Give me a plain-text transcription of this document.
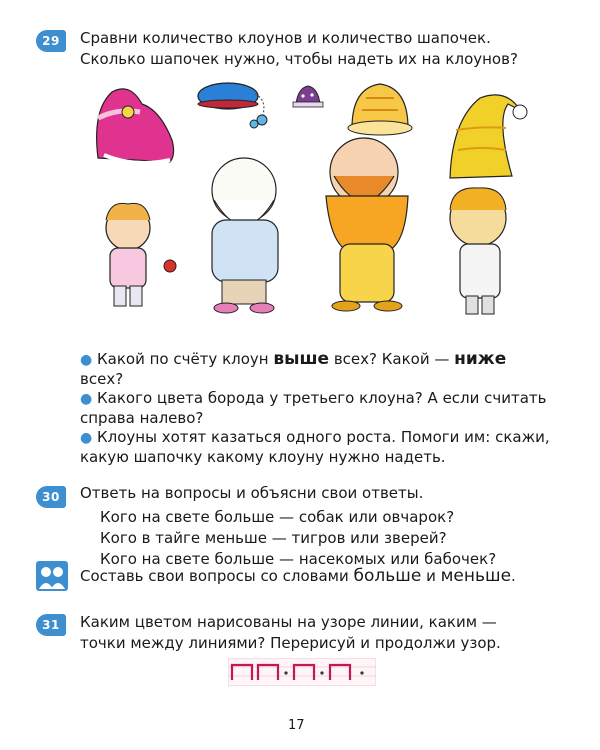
29	Сравни количество клоунов и количество шапочек.
Сколько шапочек нужно, чтобы надеть их на клоунов?

● Какой по счёту клоун выше всех? Какой — ниже

всех?

● Какого цвета борода у третьего клоуна? А если считать

справа налево?

● Клоуны хотят казаться одного роста. Помоги им: скажи,

какую шапочку какому клоуну нужно надеть.

30	Ответь на вопросы и объясни свои ответы.
Кого на свете больше — собак или овчарок?
Кого в тайге меньше — тигров или зверей?
Кого на свете больше — насекомых или бабочек?
Составь свои вопросы со словами больше и меньше.
31	Каким цветом нарисованы на узоре линии, каким —
точки между линиями? Перерисуй и продолжи узор.
17
